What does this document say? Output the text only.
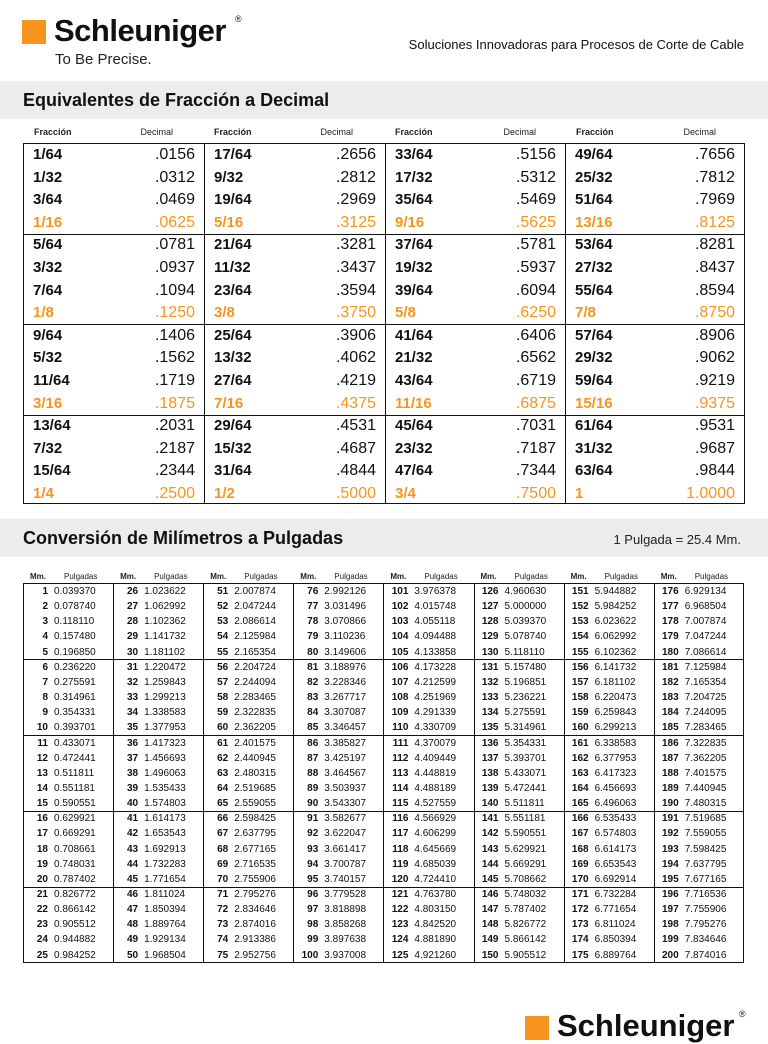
Schleuniger ®
To Be Precise.
Soluciones Innovadoras para Procesos de Corte de Cable
Equivalentes de Fracción a Decimal
Fracción	Decimal	Fracción	Decimal	Fracción	Decimal	Fracción	Decimal
1/64	.0156 17/64	.2656 33/64	.5156 49/64	.7656
1/32	.0312 9/32	.2812 17/32	.5312 25/32	.7812
3/64	.0469 19/64	.2969 35/64	.5469 51/64	.7969
1/16	.0625 5/16	.3125 9/16	.5625 13/16	.8125
5/64	.0781 21/64	.3281 37/64	.5781 53/64	.8281
3/32	.0937 11/32	.3437 19/32	.5937 27/32	.8437
7/64	.1094 23/64	.3594 39/64	.6094 55/64	.8594
1/8	.1250 3/8	.3750 5/8	.6250 7/8	.8750
9/64	.1406 25/64	.3906 41/64	.6406 57/64	.8906
5/32	.1562 13/32	.4062 21/32	.6562 29/32	.9062
11/64	.1719 27/64	.4219 43/64	.6719 59/64	.9219
3/16	.1875 7/16	.4375 11/16	.6875 15/16	.9375
13/64	.2031 29/64	.4531 45/64	.7031 61/64	.9531
7/32	.2187 15/32	.4687 23/32	.7187 31/32	.9687
15/64	.2344 31/64	.4844 47/64	.7344 63/64	.9844
1/4	.2500 1/2	.5000 3/4	.7500 1	1.0000
Conversión de Milímetros a Pulgadas	1 Pulgada = 25.4 Mm.
Mm. Pulgadas	Mm. Pulgadas	Mm. Pulgadas	Mm. Pulgadas	Mm. Pulgadas	Mm. Pulgadas	Mm. Pulgadas	Mm. Pulgadas
1 0.039370	26 1.023622	51 2.007874	76 2.992126	101 3.976378	126 4.960630	151 5.944882	176 6.929134
2 0.078740	27 1.062992	52 2.047244	77 3.031496	102 4.015748	127 5.000000	152 5.984252	177 6.968504
3 0.118110	28 1.102362	53 2.086614	78 3.070866	103 4.055118	128 5.039370	153 6.023622	178 7.007874
4 0.157480	29 1.141732	54 2.125984	79 3.110236	104 4.094488	129 5.078740	154 6.062992	179 7.047244
5 0.196850	30 1.181102	55 2.165354	80 3.149606	105 4.133858	130 5.118110	155 6.102362	180 7.086614
6 0.236220	31 1.220472	56 2.204724	81 3.188976	106 4.173228	131 5.157480	156 6.141732	181 7.125984
7 0.275591	32 1.259843	57 2.244094	82 3.228346	107 4.212599	132 5.196851	157 6.181102	182 7.165354
8 0.314961	33 1.299213	58 2.283465	83 3.267717	108 4.251969	133 5.236221	158 6.220473	183 7.204725
9 0.354331	34 1.338583	59 2.322835	84 3.307087	109 4.291339	134 5.275591	159 6.259843	184 7.244095
10 0.393701	35 1.377953	60 2.362205	85 3.346457	110 4.330709	135 5.314961	160 6.299213	185 7.283465
11 0.433071	36 1.417323	61 2.401575	86 3.385827	111 4.370079	136 5.354331	161 6.338583	186 7.322835
12 0.472441	37 1.456693	62 2.440945	87 3.425197	112 4.409449	137 5.393701	162 6.377953	187 7.362205
13 0.511811	38 1.496063	63 2.480315	88 3.464567	113 4.448819	138 5.433071	163 6.417323	188 7.401575
14 0.551181	39 1.535433	64 2.519685	89 3.503937	114 4.488189	139 5.472441	164 6.456693	189 7.440945
15 0.590551	40 1.574803	65 2.559055	90 3.543307	115 4.527559	140 5.511811	165 6.496063	190 7.480315
16 0.629921	41 1.614173	66 2.598425	91 3.582677	116 4.566929	141 5.551181	166 6.535433	191 7.519685
17 0.669291	42 1.653543	67 2.637795	92 3.622047	117 4.606299	142 5.590551	167 6.574803	192 7.559055
18 0.708661	43 1.692913	68 2.677165	93 3.661417	118 4.645669	143 5.629921	168 6.614173	193 7.598425
19 0.748031	44 1.732283	69 2.716535	94 3.700787	119 4.685039	144 5.669291	169 6.653543	194 7.637795
20 0.787402	45 1.771654	70 2.755906	95 3.740157	120 4.724410	145 5.708662	170 6.692914	195 7.677165
21 0.826772	46 1.811024	71 2.795276	96 3.779528	121 4.763780	146 5.748032	171 6.732284	196 7.716536
22 0.866142	47 1.850394	72 2.834646	97 3.818898	122 4.803150	147 5.787402	172 6.771654	197 7.755906
23 0.905512	48 1.889764	73 2.874016	98 3.858268	123 4.842520	148 5.826772	173 6.811024	198 7.795276
24 0.944882	49 1.929134	74 2.913386	99 3.897638	124 4.881890	149 5.866142	174 6.850394	199 7.834646
25 0.984252	50 1.968504	75 2.952756	100 3.937008	125 4.921260	150 5.905512	175 6.889764	200 7.874016
Schleuniger ®
